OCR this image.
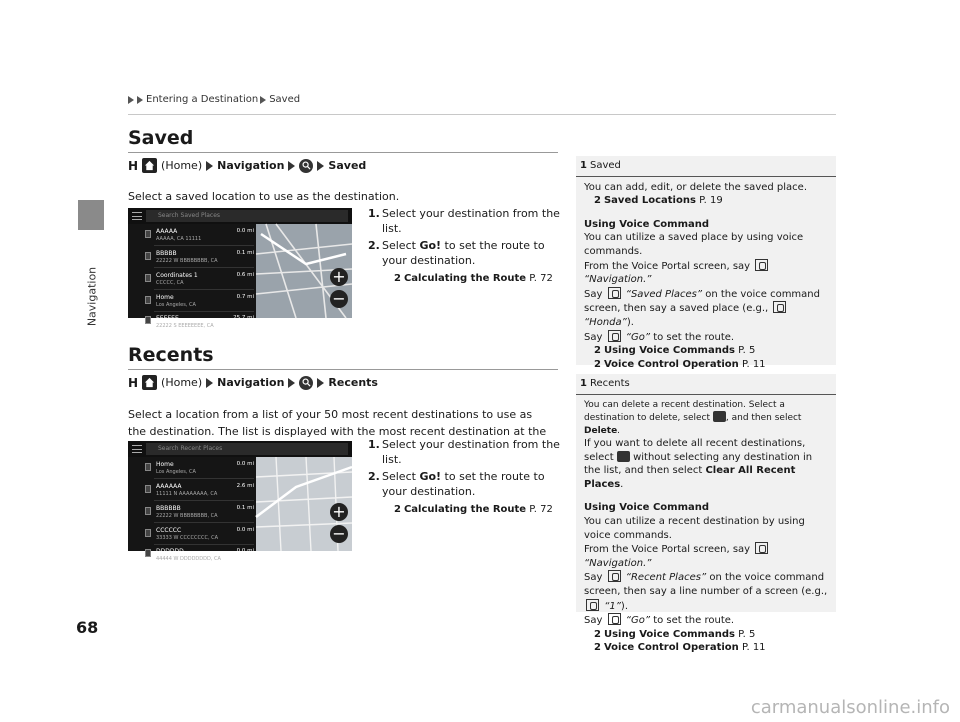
Navigation
Entering a Destination Saved
Saved
H (Home) Navigation	Saved
Select a saved location to use as the destination.
Search Saved Places
AAAAA
AAAAA, CA 11111
0.0 mi
BBBBB
22222 W BBBBBBBB, CA
0.1 mi
Coordinates 1
CCCCC, CA
0.6 mi
Home
Los Angeles, CA
0.7 mi
EEEEEE
22222 S EEEEEEEE, CA
25.7 mi
+
−
1. Select your destination from the list.
2. Select Go! to set the route to your destination.
2 Calculating the Route P. 72
Recents
H (Home) Navigation	Recents
Select a location from a list of your 50 most recent destinations to use as the destination. The list is displayed with the most recent destination at the
Search Recent Places
Home
Los Angeles, CA
0.0 mi
AAAAAA
11111 N AAAAAAAA, CA
2.6 mi
BBBBBB
22222 W BBBBBBBB, CA
0.1 mi
CCCCCC
33333 W CCCCCCCC, CA
0.0 mi
DDDDDD
44444 W DDDDDDDD, CA
0.0 mi
+
−
1. Select your destination from the list.
2. Select Go! to set the route to your destination.
2 Calculating the Route P. 72
1 Saved
You can add, edit, or delete the saved place.
2 Saved Locations P. 19
Using Voice Command
You can utilize a saved place by using voice commands.
From the Voice Portal screen, say  “Navigation.”
Say “Saved Places” on the voice command screen, then say a saved place (e.g.,  “Honda”).
Say “Go” to set the route.
2 Using Voice Commands P. 5
2 Voice Control Operation P. 11
1 Recents
You can delete a recent destination. Select a destination to delete, select , and then select Delete.
If you want to delete all recent destinations, select without selecting any destination in the list, and then select Clear All Recent Places.
Using Voice Command
You can utilize a recent destination by using voice commands.
From the Voice Portal screen, say  “Navigation.”
Say “Recent Places” on the voice command screen, then say a line number of a screen (e.g.,  “1”).
Say “Go” to set the route.
2 Using Voice Commands P. 5
2 Voice Control Operation P. 11
68
carmanualsonline.info
